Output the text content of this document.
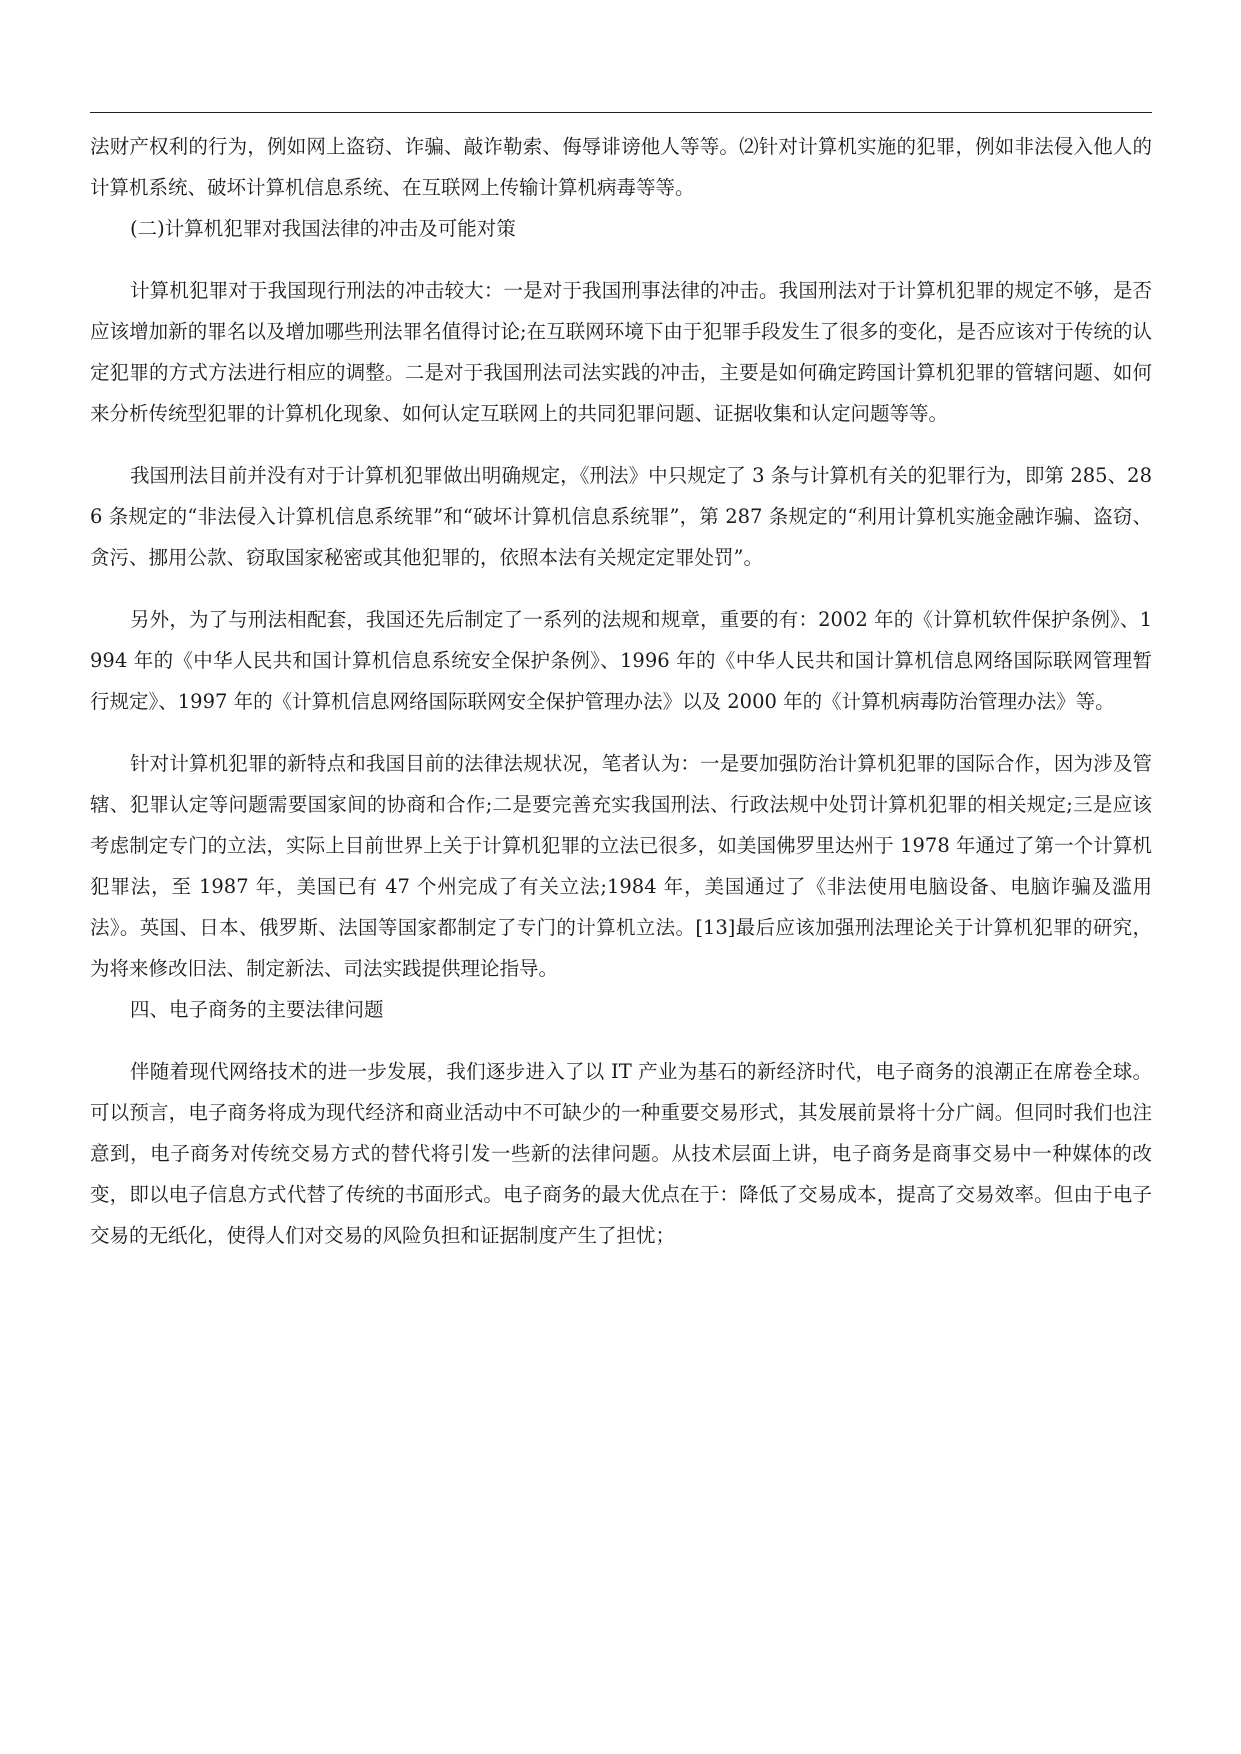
法财产权利的行为，例如网上盗窃、诈骗、敲诈勒索、侮辱诽谤他人等等。⑵针对计算机实施的犯罪，例如非法侵入他人的计算机系统、破坏计算机信息系统、在互联网上传输计算机病毒等等。

(二)计算机犯罪对我国法律的冲击及可能对策

计算机犯罪对于我国现行刑法的冲击较大：一是对于我国刑事法律的冲击。我国刑法对于计算机犯罪的规定不够，是否应该增加新的罪名以及增加哪些刑法罪名值得讨论;在互联网环境下由于犯罪手段发生了很多的变化，是否应该对于传统的认定犯罪的方式方法进行相应的调整。二是对于我国刑法司法实践的冲击，主要是如何确定跨国计算机犯罪的管辖问题、如何来分析传统型犯罪的计算机化现象、如何认定互联网上的共同犯罪问题、证据收集和认定问题等等。

我国刑法目前并没有对于计算机犯罪做出明确规定，《刑法》中只规定了 3 条与计算机有关的犯罪行为，即第 285、286 条规定的“非法侵入计算机信息系统罪”和“破坏计算机信息系统罪”，第 287 条规定的“利用计算机实施金融诈骗、盗窃、贪污、挪用公款、窃取国家秘密或其他犯罪的，依照本法有关规定定罪处罚”。

另外，为了与刑法相配套，我国还先后制定了一系列的法规和规章，重要的有：2002 年的《计算机软件保护条例》、1994 年的《中华人民共和国计算机信息系统安全保护条例》、1996 年的《中华人民共和国计算机信息网络国际联网管理暂行规定》、1997 年的《计算机信息网络国际联网安全保护管理办法》以及 2000 年的《计算机病毒防治管理办法》等。

针对计算机犯罪的新特点和我国目前的法律法规状况，笔者认为：一是要加强防治计算机犯罪的国际合作，因为涉及管辖、犯罪认定等问题需要国家间的协商和合作;二是要完善充实我国刑法、行政法规中处罚计算机犯罪的相关规定;三是应该考虑制定专门的立法，实际上目前世界上关于计算机犯罪的立法已很多，如美国佛罗里达州于 1978 年通过了第一个计算机犯罪法，至 1987 年，美国已有 47 个州完成了有关立法;1984 年，美国通过了《非法使用电脑设备、电脑诈骗及滥用法》。英国、日本、俄罗斯、法国等国家都制定了专门的计算机立法。[13]最后应该加强刑法理论关于计算机犯罪的研究，为将来修改旧法、制定新法、司法实践提供理论指导。

四、电子商务的主要法律问题

伴随着现代网络技术的进一步发展，我们逐步进入了以 IT 产业为基石的新经济时代，电子商务的浪潮正在席卷全球。可以预言，电子商务将成为现代经济和商业活动中不可缺少的一种重要交易形式，其发展前景将十分广阔。但同时我们也注意到，电子商务对传统交易方式的替代将引发一些新的法律问题。从技术层面上讲，电子商务是商事交易中一种媒体的改变，即以电子信息方式代替了传统的书面形式。电子商务的最大优点在于：降低了交易成本，提高了交易效率。但由于电子交易的无纸化，使得人们对交易的风险负担和证据制度产生了担忧；
